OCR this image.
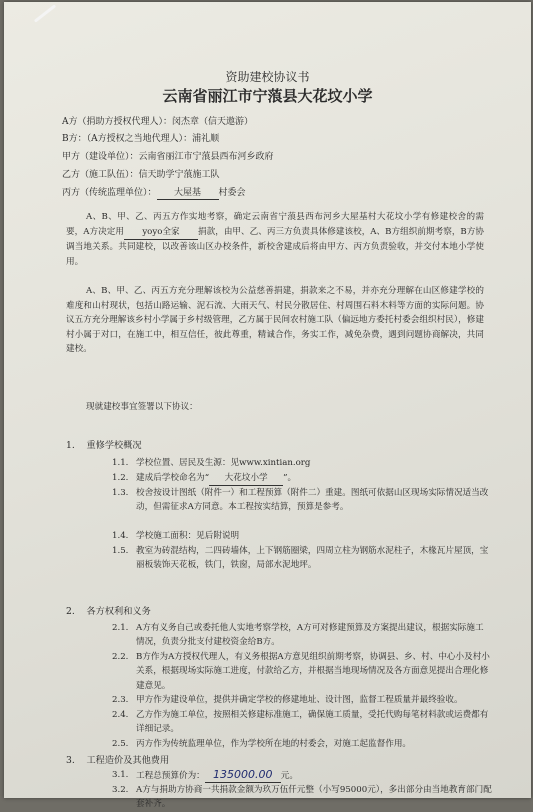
资助建校协议书
云南省丽江市宁蒗县大花坟小学
A方（捐助方授权代理人）：闵杰章（信天遨游）
B方：（A方授权之当地代理人）：浦礼顺
甲方（建设单位）：云南省丽江市宁蒗县西布河乡政府
乙方（施工队伍）：信天助学宁蒗施工队
丙方（传统监理单位）： 大屋基 村委会
A、B、甲、乙、丙五方作实地考察，确定云南省宁蒗县西布河乡大屋基村大花坟小学有修建校舍的需要，A方决定用 yoyo全家 捐款，由甲、乙、丙三方负责具体修建该校，A、B方组织前期考察，B方协调当地关系。共同建校，以改善该山区办校条件，新校舍建成后将由甲方、丙方负责验收，并交付本地小学使用。
A、B、甲、乙、丙五方充分理解该校为公益慈善捐建，捐款来之不易，并亦充分理解在山区修建学校的难度和山村现状，包括山路运输、泥石流、大雨天气、村民分散居住、村周围石料木料等方面的实际问题。协议五方充分理解该乡村小学属于乡村级管理，乙方属于民间农村施工队（偏远地方委托村委会组织村民），修建村小属于对口，在施工中，相互信任，彼此尊重，精诚合作，务实工作，减免杂费，遇到问题协商解决，共同建校。
现就建校事宜签署以下协议：
1. 重修学校概况
1.1. 学校位置、居民及生源：见www.xintian.org
1.2. 建成后学校命名为“ 大花坟小学 ”。
1.3. 校舍按设计图纸（附件一）和工程预算（附件二）重建。图纸可依据山区现场实际情况适当改动，但需征求A方同意。本工程按实结算，预算是参考。
1.4. 学校施工面积：见后附说明
1.5. 教室为砖混结构，二四砖墙体，上下钢筋圈梁，四周立柱为钢筋水泥柱子，木椽瓦片屋顶，宝丽板装饰天花板，铁门，铁窗，局部水泥地坪。
2. 各方权利和义务
2.1. A方有义务自己或委托他人实地考察学校，A方可对修建预算及方案提出建议，根据实际施工情况，负责分批支付建校资金给B方。
2.2. B方作为A方授权代理人，有义务根据A方意见组织前期考察，协调县、乡、村、中心小及村小关系，根据现场实际施工进度，付款给乙方，并根据当地现场情况及各方面意见提出合理化修建意见。
2.3. 甲方作为建设单位，提供并确定学校的修建地址、设计图，监督工程质量并最终验收。
2.4. 乙方作为施工单位，按照相关修建标准施工，确保施工质量，受托代购每笔材料款或运费都有详细记录。
2.5. 丙方作为传统监理单位，作为学校所在地的村委会，对施工起监督作用。
3. 工程造价及其他费用
3.1. 工程总预算价为： 135000.00 元。
3.2. A方与捐助方协商一共捐款金额为玖万伍仟元整（小写95000元），多出部分由当地教育部门配套补齐。
